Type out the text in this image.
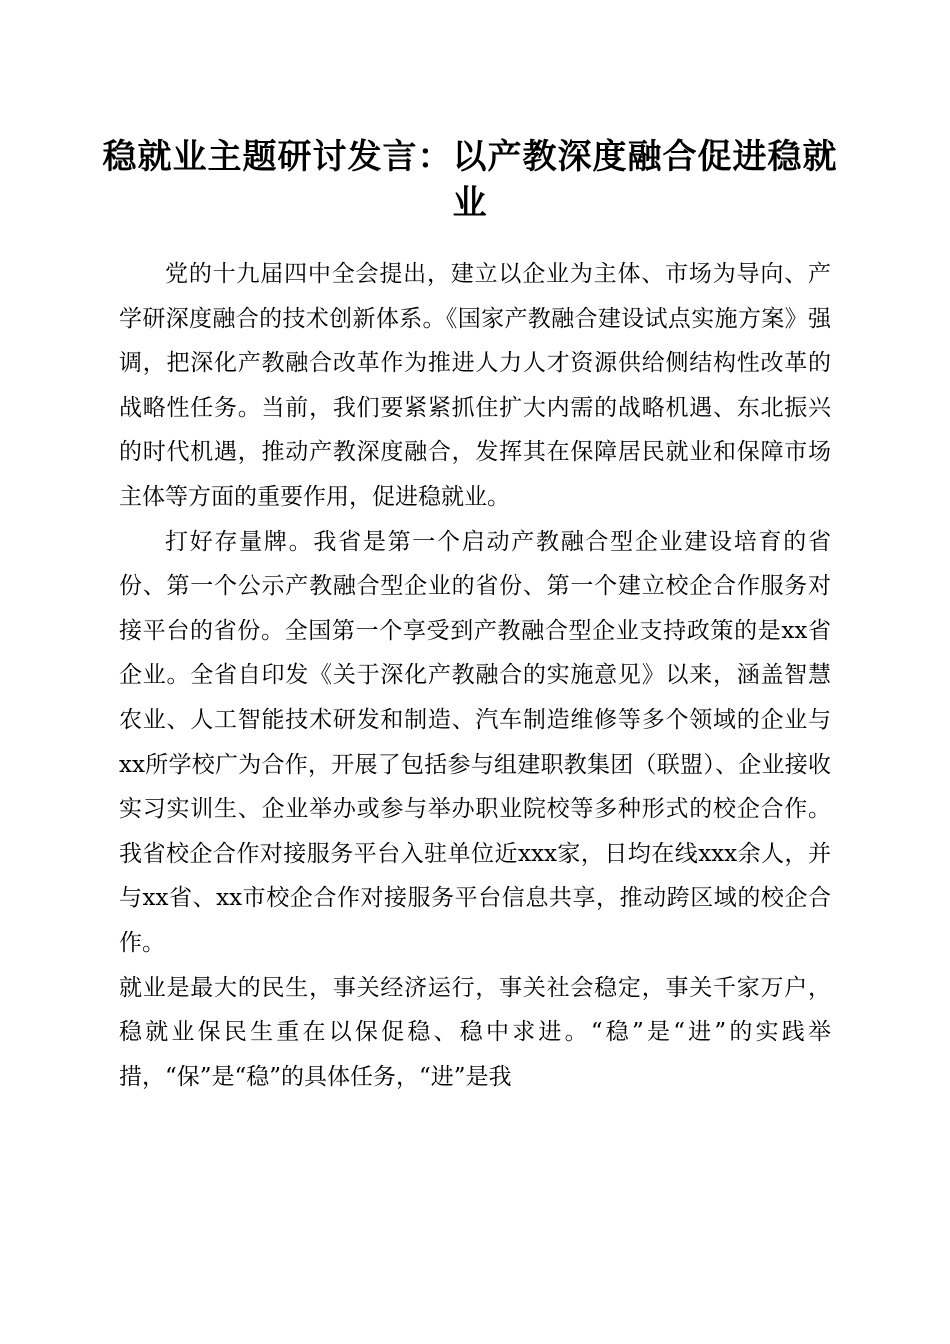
稳就业主题研讨发言：以产教深度融合促进稳就业

党的十九届四中全会提出，建立以企业为主体、市场为导向、产学研深度融合的技术创新体系。《国家产教融合建设试点实施方案》强调，把深化产教融合改革作为推进人力人才资源供给侧结构性改革的战略性任务。当前，我们要紧紧抓住扩大内需的战略机遇、东北振兴的时代机遇，推动产教深度融合，发挥其在保障居民就业和保障市场主体等方面的重要作用，促进稳就业。

打好存量牌。我省是第一个启动产教融合型企业建设培育的省份、第一个公示产教融合型企业的省份、第一个建立校企合作服务对接平台的省份。全国第一个享受到产教融合型企业支持政策的是xx省企业。全省自印发《关于深化产教融合的实施意见》以来，涵盖智慧农业、人工智能技术研发和制造、汽车制造维修等多个领域的企业与xx所学校广为合作，开展了包括参与组建职教集团（联盟）、企业接收实习实训生、企业举办或参与举办职业院校等多种形式的校企合作。我省校企合作对接服务平台入驻单位近xxx家，日均在线xxx余人，并与xx省、xx市校企合作对接服务平台信息共享，推动跨区域的校企合作。

就业是最大的民生，事关经济运行，事关社会稳定，事关千家万户，稳就业保民生重在以保促稳、稳中求进。“稳”是“进”的实践举措，“保”是“稳”的具体任务，“进”是我
